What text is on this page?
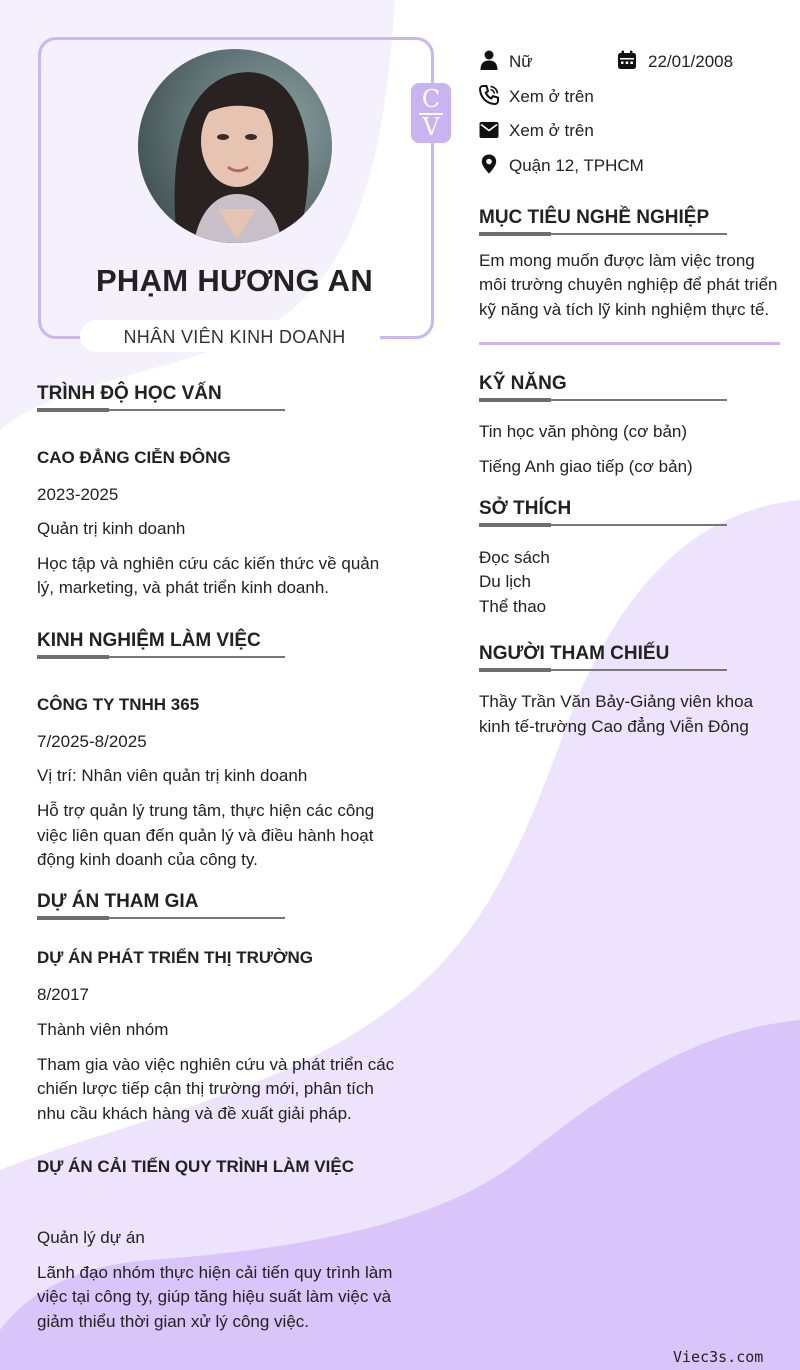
PHẠM HƯƠNG AN
NHÂN VIÊN KINH DOANH
C
V
Nữ	22/01/2008
Xem ở trên
Xem ở trên
Quận 12, TPHCM
MỤC TIÊU NGHỀ NGHIỆP
Em mong muốn được làm việc trong
môi trường chuyên nghiệp để phát triển
kỹ năng và tích lỹ kinh nghiệm thực tế.
KỸ NĂNG
Tin học văn phòng (cơ bản)
Tiếng Anh giao tiếp (cơ bản)
SỞ THÍCH
Đọc sách
Du lịch
Thể thao
NGƯỜI THAM CHIẾU
Thầy Trần Văn Bảy-Giảng viên khoa
kinh tế-trường Cao đẳng Viễn Đông
TRÌNH ĐỘ HỌC VẤN
CAO ĐẲNG CIỄN ĐÔNG
2023-2025
Quản trị kinh doanh
Học tập và nghiên cứu các kiến thức về quản
lý, marketing, và phát triển kinh doanh.
KINH NGHIỆM LÀM VIỆC
CÔNG TY TNHH 365
7/2025-8/2025
Vị trí: Nhân viên quản trị kinh doanh
Hỗ trợ quản lý trung tâm, thực hiện các công
việc liên quan đến quản lý và điều hành hoạt
động kinh doanh của công ty.
DỰ ÁN THAM GIA
DỰ ÁN PHÁT TRIỂN THỊ TRƯỜNG
8/2017
Thành viên nhóm
Tham gia vào việc nghiên cứu và phát triển các
chiến lược tiếp cận thị trường mới, phân tích
nhu cầu khách hàng và đề xuất giải pháp.
DỰ ÁN CẢI TIẾN QUY TRÌNH LÀM VIỆC
Quản lý dự án
Lãnh đạo nhóm thực hiện cải tiến quy trình làm
việc tại công ty, giúp tăng hiệu suất làm việc và
giảm thiểu thời gian xử lý công việc.
Viec3s.com
